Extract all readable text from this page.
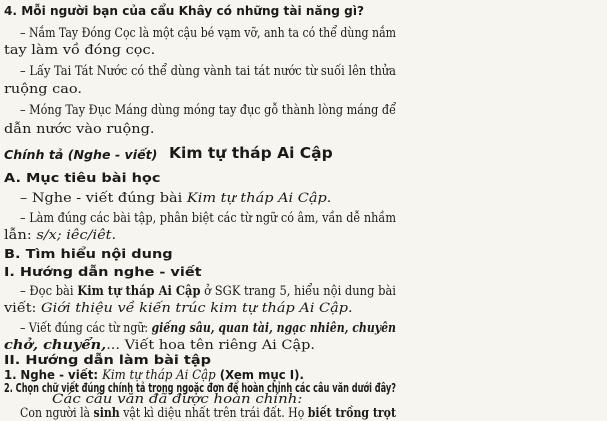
4. Mỗi người bạn của cẩu Khây có những tài năng gì?
– Nắm Tay Đóng Cọc là một cậu bé vạm vỡ, anh ta có thể dùng nắm
tay làm vồ đóng cọc.
– Lấy Tai Tát Nước có thể dùng vành tai tát nước từ suối lên thửa
ruộng cao.
– Móng Tay Đục Máng dùng móng tay đục gỗ thành lòng máng để
dẫn nước vào ruộng.
Chính tả (Nghe - viết) Kim tự tháp Ai Cập
A. Mục tiêu bài học
– Nghe - viết đúng bài Kim tự tháp Ai Cập.
– Làm đúng các bài tập, phân biệt các từ ngữ có âm, vần dễ nhầm
lẫn: s/x; iêc/iêt.
B. Tìm hiểu nội dung
I. Hướng dẫn nghe - viết
– Đọc bài Kim tự tháp Ai Cập ở SGK trang 5, hiểu nội dung bài
viết: Giới thiệu về kiến trúc kim tự tháp Ai Cập.
– Viết đúng các từ ngữ: giếng sâu, quan tài, ngạc nhiên, chuyên
chở, chuyển,... Viết hoa tên riêng Ai Cập.
II. Hướng dẫn làm bài tập
1. Nghe - viết: Kim tự tháp Ai Cập (Xem mục I).
2. Chọn chữ viết đúng chính tả trong ngoặc đơn để hoàn chỉnh các câu văn dưới đây?
Các câu văn đã được hoàn chỉnh:
Con người là sinh vật kì diệu nhất trên trái đất. Họ biết trồng trọt
